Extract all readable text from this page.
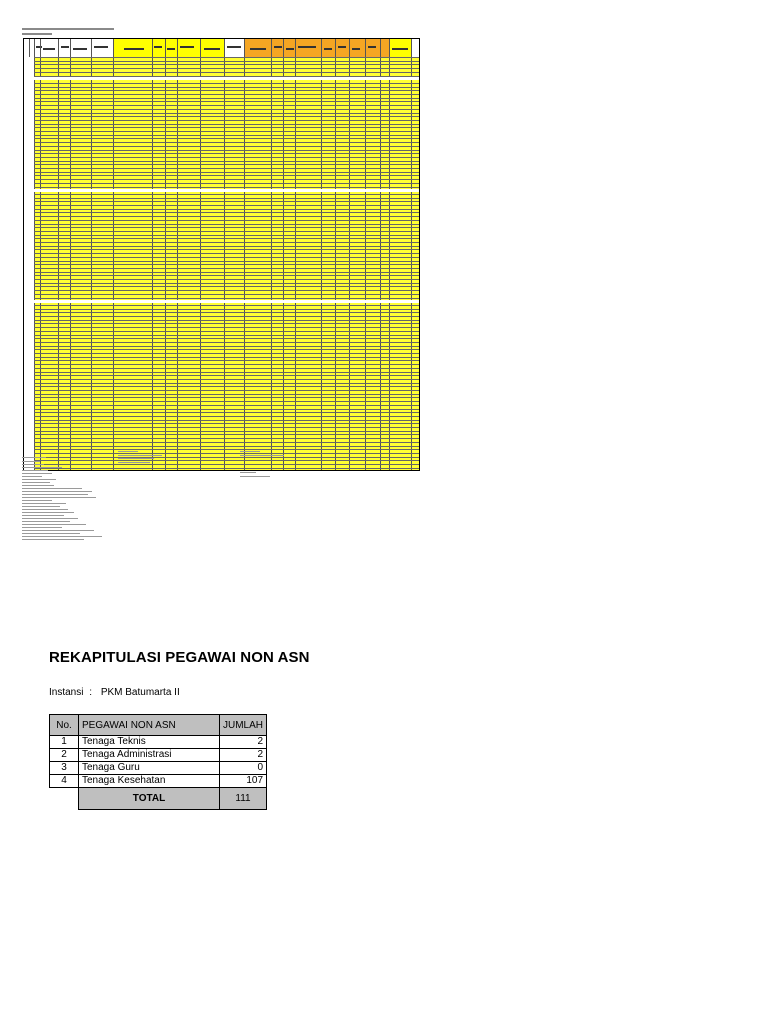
REKAPITULASI PEGAWAI NON ASN
Instansi : PKM Batumarta II
No.	PEGAWAI NON ASN	JUMLAH
1	Tenaga Teknis	2
2	Tenaga Administrasi	2
3	Tenaga Guru	0
4	Tenaga Kesehatan	107
	TOTAL	111
